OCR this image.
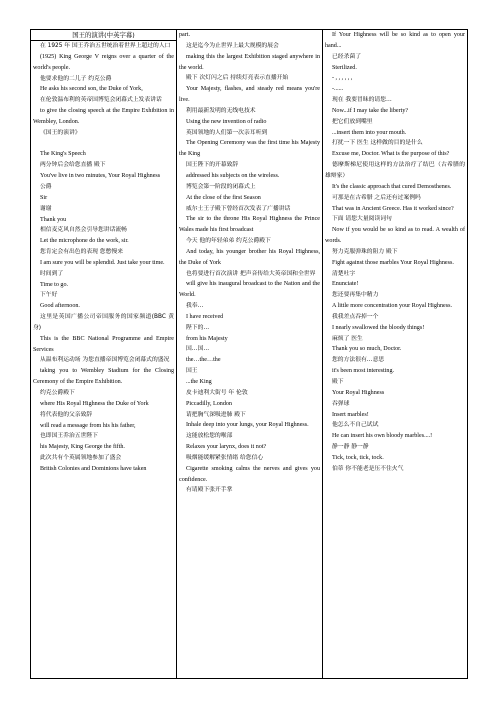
国王的演讲(中英字幕)
在 1925 年 国王乔治五世统治着世界上超过的人口
(1925) King George V reigns over a quarter of the world's people.
他要求他的二儿子 约克公爵
He asks his second son, the Duke of York,
在伦敦温布利的英帝国博览会闭幕式上发表讲话
to give the closing speech at the Empire Exhibition in Wembley, London.
《国王的演讲》
The King's Speech
两分钟后会给您直播 殿下
You've live in two minutes, Your Royal Highness
公爵
Sir
谢谢
Thank you
相信麦克风自然会引导您讲话流畅
Let the microphone do the work, sir.
您肯定会有出色的表现 您憋慢来
I am sure you will be splendid. Just take your time.
时间到了
Time to go.
下午好
Good afternoon.
这里是英国广播公司帝国服务的国家频道(BBC 黄身)
This is the BBC National Programme and Empire Services
从温布利运动场 为您直播帝国博览会闭幕式的盛况
taking you to Wembley Stadium for the Closing Ceremony of the Empire Exhibition.
约克公爵殿下
where His Royal Highness the Duke of York
将代表他的父亲致辞
will read a message from his his father,
也即国王乔治五世陛下
his Majesty, King George the fifth.
此次共有个英属领地参加了盛会
British Colonies and Dominions have taken
part.
这是迄今为止世界上最大规模的展会
making this the largest Exhibition staged anywhere in the world.
殿下 次灯闪之后 持续灯亮表示直播开始
Your Majesty, flashes, and steady red means you're live.
利用最新发明的无线电技术
Using the new invention of radio
英国领地的人们第一次亲耳听到
The Opening Ceremony was the first time his Majesty the King
国王陛下的开幕致辞
addressed his subjects on the wireless.
博览会第一阶段的闭幕式上
At the close of the first Season
威尔士王子殿下曾经首次发表了广播讲话
The sir to the throne His Royal Highness the Prince Wales made his first broadcast
今天 他的年轻弟弟 约克公爵殿下
And today, his younger brother his Royal Highness, the Duke of York
也将要进行首次演讲 把声音传给大英帝国和全世界
will give his inaugural broadcast to the Nation and the World.
我奉…
I have received
陛下的…
from his Majesty
国…国…
the…the…the
国王
...the King
皮卡迪利大街号 年 伦敦
Piccadilly, London
请把胸气深吸进肺 殿下
Inhale deep into your lungs, your Royal Highness.
这能放松您的喉部
Relaxes your larynx, does it not?
吸烟能缓解紧张情绪 给您信心
Cigarette smoking calms the nerves and gives you confidence.
有请殿下张开手掌
If Your Highness will be so kind as to open your hand...
已经杀菌了
Sterilized.
- , , , , , ,
-......
现在 我要冒昧的请您…
Now...if I may take the liberty?
把它们放到嘴里
...insert them into your mouth.
打扰一下 医生 这样做的目的是什么
Excuse me, Doctor. What is the purpose of this?
德摩斯梯尼使用这样的方法治疗了结巴（古希腊的雄辩家）
It's the classic approach that cured Demosthenes.
可那是在古希腊 之后还有过案例吗
That was in Ancient Greece. Has it worked since?
下面 请您大量阅读词句
Now if you would be so kind as to read. A wealth of words.
努力克服弹珠的阻力 殿下
Fight against those marbles Your Royal Highness.
清楚吐字
Enunciate!
您还要再集中精力
A little more concentration your Royal Highness.
我我差点吞掉一个
I nearly swallowed the bloody things!
麻烦了 医生
Thank you so much, Doctor.
您的方法很有…意思
it's been most interesting.
殿下
Your Royal Highness
吞弹球
Insert marbles!
他怎么不自己试试
He can insert his own bloody marbles....!
静一静 静一静
Tick, tock, tick, tock.
伯蒂 你不能老是压不住火气
